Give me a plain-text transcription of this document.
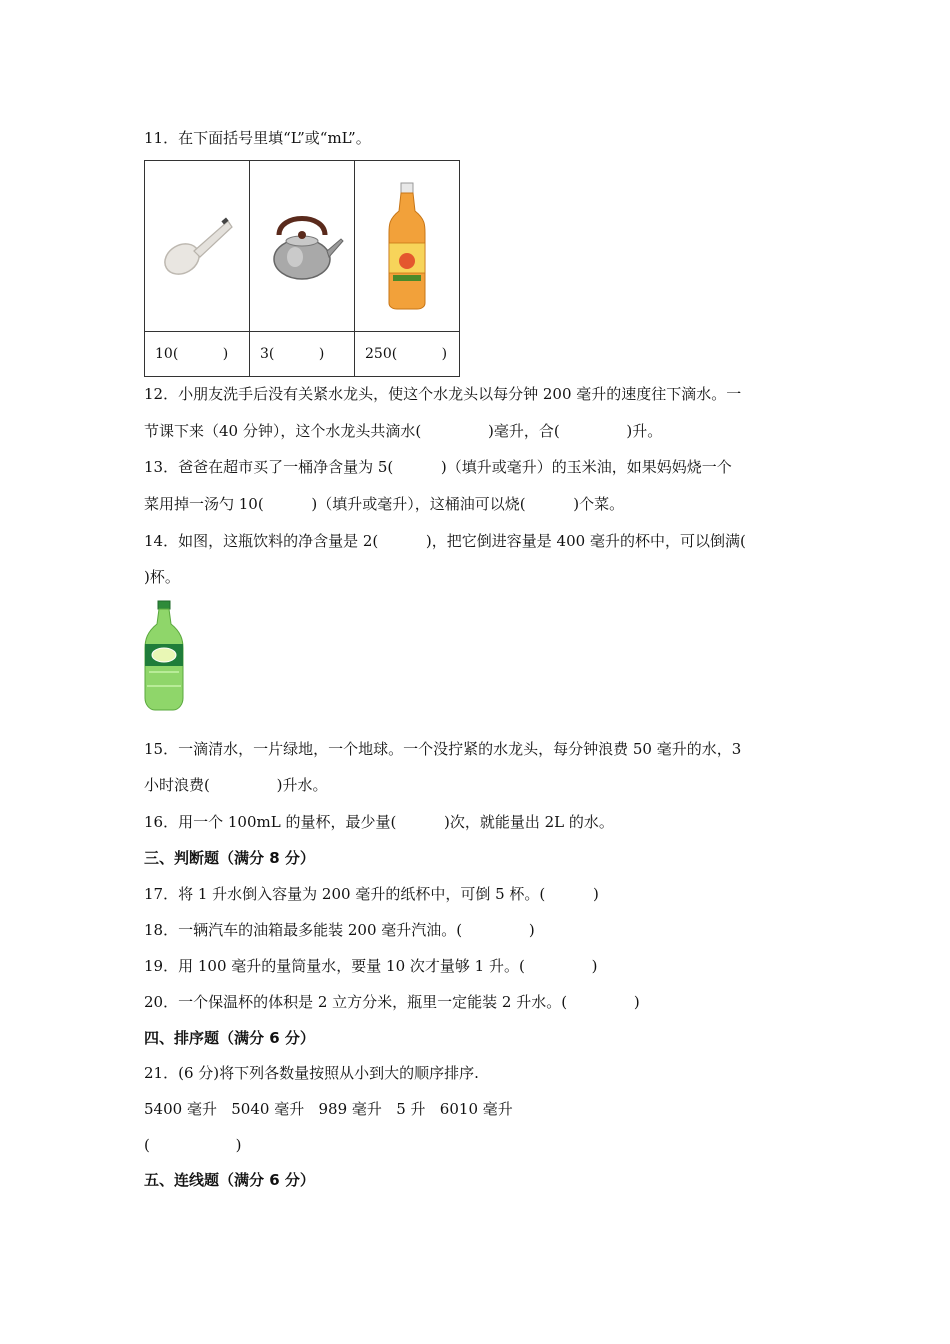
11．在下面括号里填“L”或“mL”。

10(          )	3(          )	250(          )
12．小朋友洗手后没有关紧水龙头，使这个水龙头以每分钟 200 毫升的速度往下滴水。一
节课下来（40 分钟），这个水龙头共滴水(              )毫升，合(              )升。
13．爸爸在超市买了一桶净含量为 5(          )（填升或毫升）的玉米油，如果妈妈烧一个
菜用掉一汤勺 10(          )（填升或毫升），这桶油可以烧(          )个菜。
14．如图，这瓶饮料的净含量是 2(          )，把它倒进容量是 400 毫升的杯中，可以倒满(
)杯。
15．一滴清水，一片绿地，一个地球。一个没拧紧的水龙头，每分钟浪费 50 毫升的水，3
小时浪费(              )升水。
16．用一个 100mL 的量杯，最少量(          )次，就能量出 2L 的水。
三、判断题（满分 8 分）
17．将 1 升水倒入容量为 200 毫升的纸杯中，可倒 5 杯。(          )
18．一辆汽车的油箱最多能装 200 毫升汽油。(              )
19．用 100 毫升的量筒量水，要量 10 次才量够 1 升。(              )
20．一个保温杯的体积是 2 立方分米，瓶里一定能装 2 升水。(              )
四、排序题（满分 6 分）
21．(6 分)将下列各数量按照从小到大的顺序排序.
5400 毫升   5040 毫升   989 毫升   5 升   6010 毫升
(                  )
五、连线题（满分 6 分）
